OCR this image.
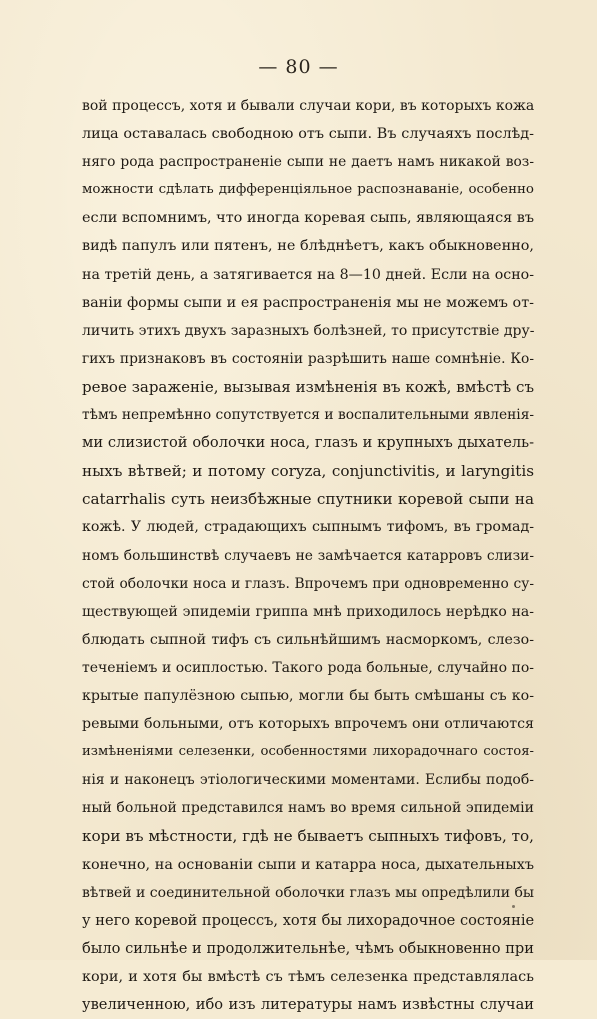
— 80 —
вой процессъ, хотя и бывали случаи кори, въ которыхъ кожа
лица оставалась свободною отъ сыпи. Въ случаяхъ послѣд-
няго рода распространеніе сыпи не даетъ намъ никакой воз-
можности сдѣлать дифференціяльное распознаваніе, особенно
если вспомнимъ, что иногда коревая сыпь, являющаяся въ
видѣ папулъ или пятенъ, не блѣднѣетъ, какъ обыкновенно,
на третій день, а затягивается на 8—10 дней. Если на осно-
ваніи формы сыпи и ея распространенія мы не можемъ от-
личить этихъ двухъ заразныхъ болѣзней, то присутствіе дру-
гихъ признаковъ въ состояніи разрѣшить наше сомнѣніе. Ко-
ревое зараженіе, вызывая измѣненія въ кожѣ, вмѣстѣ съ
тѣмъ непремѣнно сопутствуется и воспалительными явленія-
ми слизистой оболочки носа, глазъ и крупныхъ дыхатель-
ныхъ вѣтвей; и потому coryza, conjunctivitis, и laryngitis
catarrhalis суть неизбѣжные спутники коревой сыпи на
кожѣ. У людей, страдающихъ сыпнымъ тифомъ, въ громад-
номъ большинствѣ случаевъ не замѣчается катарровъ слизи-
стой оболочки носа и глазъ. Впрочемъ при одновременно су-
ществующей эпидеміи гриппа мнѣ приходилось нерѣдко на-
блюдать сыпной тифъ съ сильнѣйшимъ насморкомъ, слезо-
теченіемъ и осиплостью. Такого рода больные, случайно по-
крытые папулёзною сыпью, могли бы быть смѣшаны съ ко-
ревыми больными, отъ которыхъ впрочемъ они отличаются
измѣненіями селезенки, особенностями лихорадочнаго состоя-
нія и наконецъ этіологическими моментами. Еслибы подоб-
ный больной представился намъ во время сильной эпидеміи
кори въ мѣстности, гдѣ не бываетъ сыпныхъ тифовъ, то,
конечно, на основаніи сыпи и катарра носа, дыхательныхъ
вѣтвей и соединительной оболочки глазъ мы опредѣлили бы
у него коревой процессъ, хотя бы лихорадочное состояніе
было сильнѣе и продолжительнѣе, чѣмъ обыкновенно при
кори, и хотя бы вмѣстѣ съ тѣмъ селезенка представлялась
увеличенною, ибо изъ литературы намъ извѣстны случаи
